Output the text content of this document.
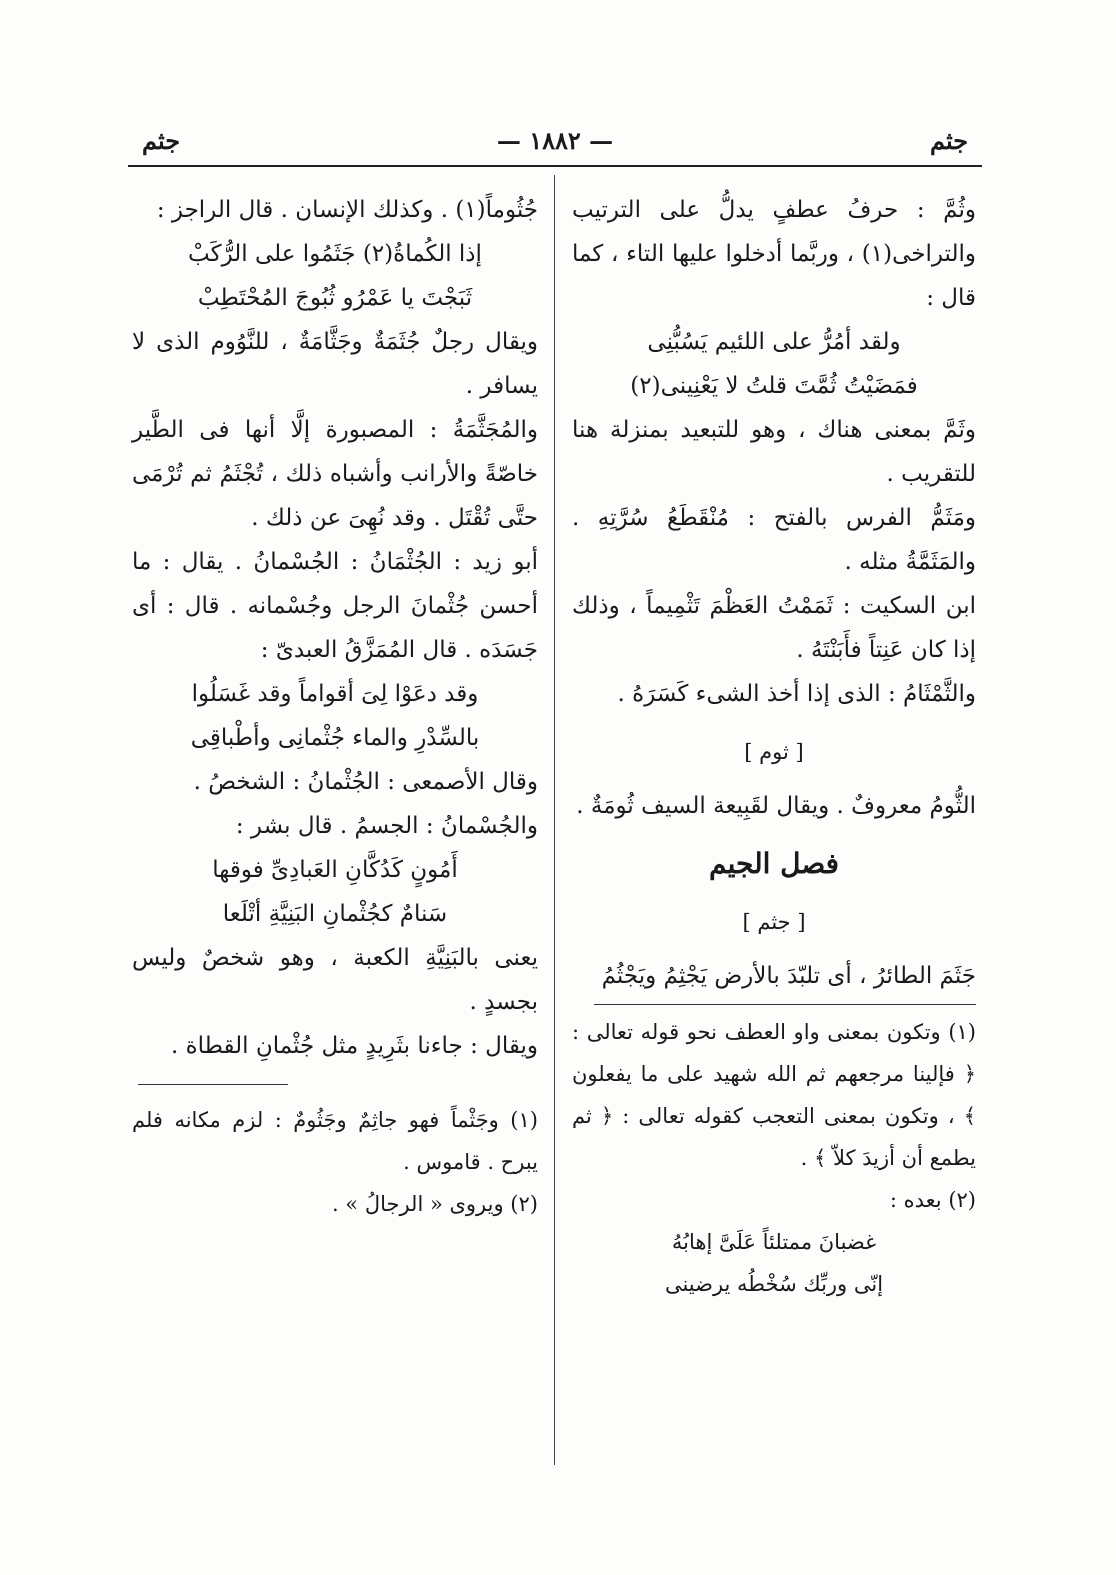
جثم
— ١٨٨٢ —
جثم

وثُمَّ : حرفُ عطفٍ يدلُّ على الترتيب والتراخى(١) ، وربَّما أدخلوا عليها التاء ، كما قال :

ولقد أمُرُّ على اللئيم يَسُبُّنِى

فمَضَيْتُ ثُمَّتَ قلتُ لا يَعْنِينى(٢)

وثَمَّ بمعنى هناك ، وهو للتبعيد بمنزلة هنا للتقريب .

ومَثَمُّ الفرس بالفتح : مُنْقَطَعُ سُرَّتِهِ . والمَثَمَّةُ مثله .

ابن السكيت : ثَمَمْتُ العَظْمَ تَثْمِيماً ، وذلك إذا كان عَنِتاً فأَبَنْتَهُ .

والثَّمْثَامُ : الذى إذا أخذ الشىء كَسَرَهُ .

[ ثوم ]

الثُّومُ معروفٌ . ويقال لقَبِيعة السيف ثُومَةٌ .

فصل الجيم
[ جثم ]

جَثَمَ الطائرُ ، أى تلبّدَ بالأرض يَجْثِمُ ويَجْثُمُ

(١) وتكون بمعنى واو العطف نحو قوله تعالى : ﴿ فإلينا مرجعهم ثم الله شهيد على ما يفعلون ﴾ ، وتكون بمعنى التعجب كقوله تعالى : ﴿ ثم يطمع أن أزيدَ كلاّ ﴾ .

(٢) بعده :

غضبانَ ممتلئاً عَلَىَّ إهابُهُ

إنّى وربِّك سُخْطُه يرضينى

جُثُوماً(١) . وكذلك الإنسان . قال الراجز :

إذا الكُماةُ(٢) جَثَمُوا على الرُّكَبْ

ثَبَجْتَ يا عَمْرُو ثُبُوجَ المُحْتَطِبْ

ويقال رجلٌ جُثَمَةٌ وجَثَّامَةٌ ، للنَّوُوم الذى لا يسافر .

والمُجَثَّمَةُ : المصبورة إلَّا أنها فى الطَّير خاصّةً والأرانب وأشباه ذلك ، تُجْثَمُ ثم تُرْمَى حتَّى تُقْتَل . وقد نُهِىَ عن ذلك .

أبو زيد : الجُثْمَانُ : الجُسْمانُ . يقال : ما أحسن جُثْمانَ الرجل وجُسْمانه . قال : أى جَسَدَه . قال المُمَزَّقُ العبدىّ :

وقد دعَوْا لِىَ أقواماً وقد غَسَلُوا

بالسِّدْرِ والماء جُثْمانِى وأطْباقِى

وقال الأصمعى : الجُثْمانُ : الشخصُ .

والجُسْمانُ : الجسمُ . قال بشر :

أَمُونٍ كَدُكَّانِ العَبادِىِّ فوقها

سَنامٌ كجُثْمانِ البَنِيَّةِ أتْلَعا

يعنى بالبَنِيَّةِ الكعبة ، وهو شخصٌ وليس بجسدٍ .

ويقال : جاءنا بثَرِيدٍ مثل جُثْمانِ القطاة .

(١) وجَثْماً فهو جاثِمٌ وجَثُومٌ : لزم مكانه فلم يبرح . قاموس .

(٢) ويروى « الرجالُ » .
